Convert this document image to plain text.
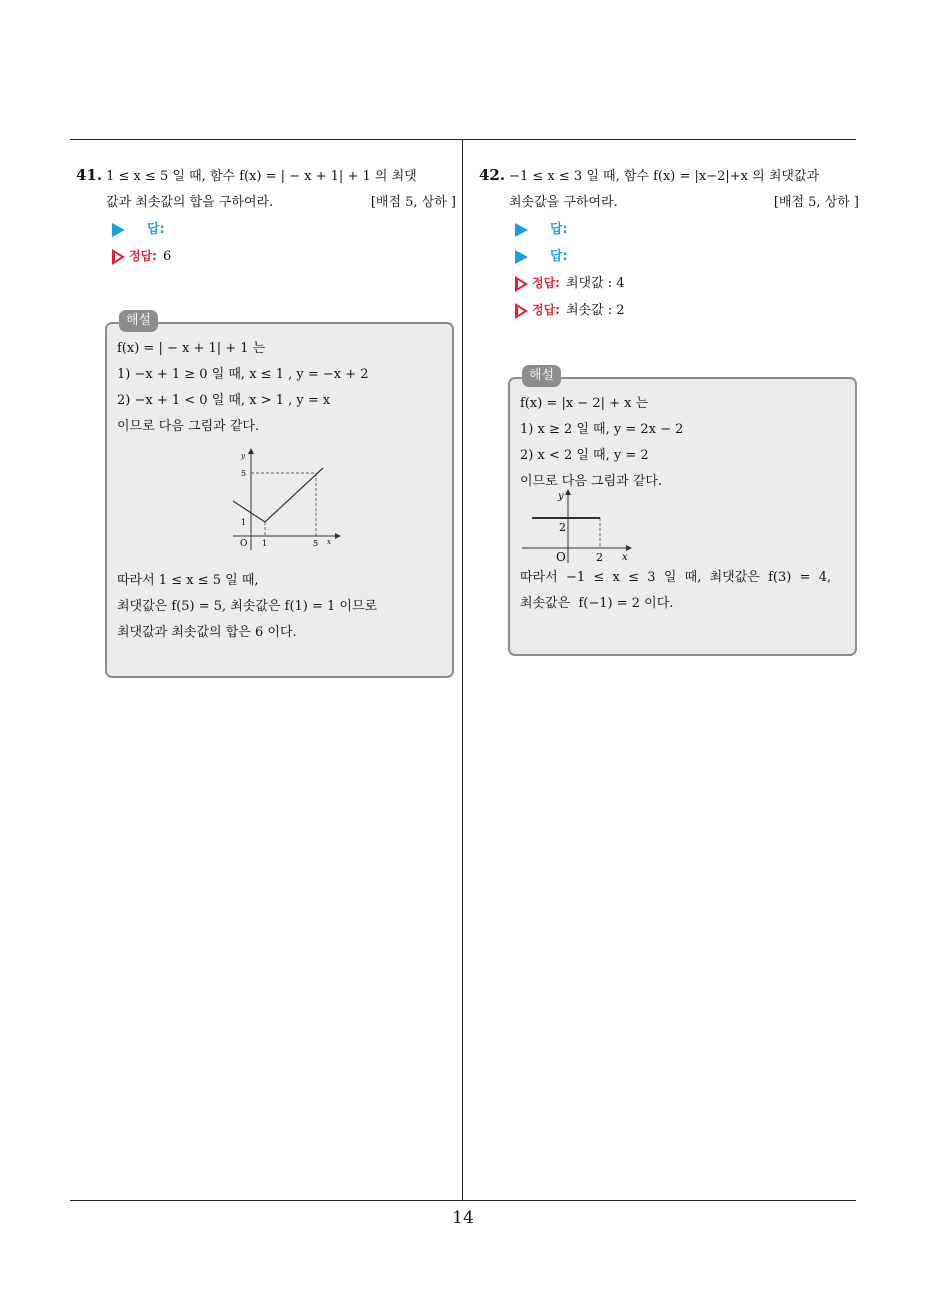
41. 1 ≤ x ≤ 5 일 때, 함수 f(x) = | − x + 1| + 1 의 최댓
값과 최솟값의 합을 구하여라.	[배점 5, 상하 ]
답:
정답: 6
해설
f(x) = | − x + 1| + 1 는
1) −x + 1 ≥ 0 일 때, x ≤ 1 , y = −x + 2
2) −x + 1 < 0 일 때, x > 1 , y = x
이므로 다음 그림과 같다.
y
5
1
O 1	5 x
따라서 1 ≤ x ≤ 5 일 때,
최댓값은 f(5) = 5, 최솟값은 f(1) = 1 이므로
최댓값과 최솟값의 합은 6 이다.
42. −1 ≤ x ≤ 3 일 때, 함수 f(x) = |x−2|+x 의 최댓값과
최솟값을 구하여라.	[배점 5, 상하 ]
답:
답:
정답: 최댓값 : 4
정답: 최솟값 : 2
해설
f(x) = |x − 2| + x 는
1) x ≥ 2 일 때, y = 2x − 2
2) x < 2 일 때, y = 2
이므로 다음 그림과 같다.
y
2
O	2 x
따라서  −1  ≤  x  ≤  3  일  때,  최댓값은  f(3)  =  4,
최솟값은  f(−1) = 2 이다.
14
